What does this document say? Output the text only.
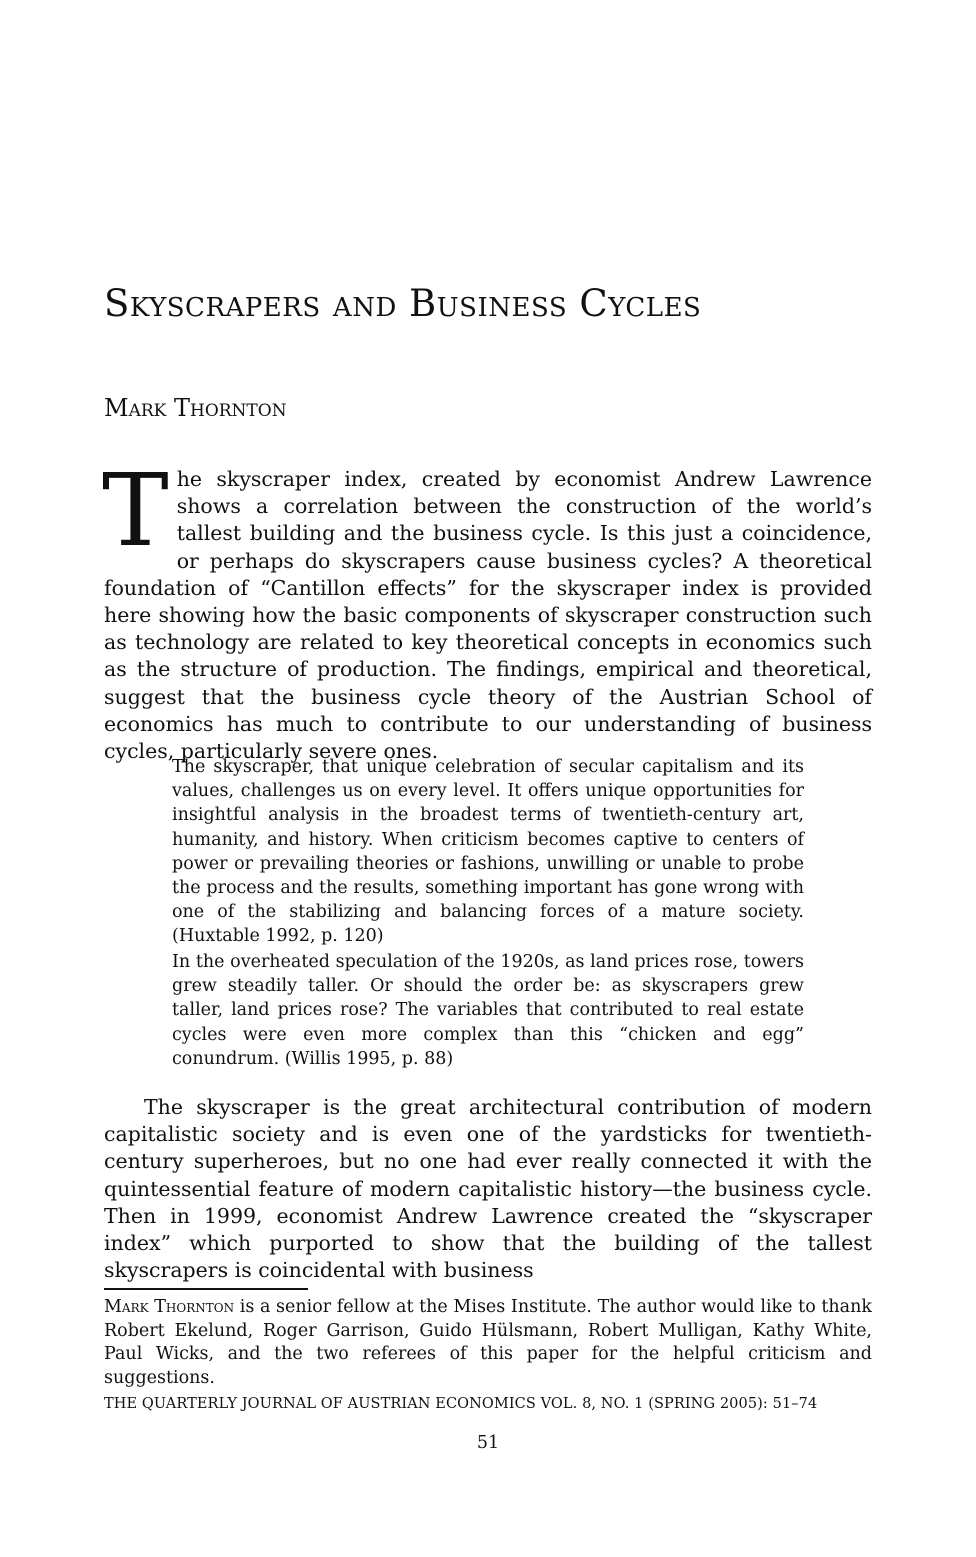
Skyscrapers and Business Cycles
Mark Thornton

The skyscraper index, created by economist Andrew Lawrence shows a correlation between the construction of the world’s tallest building and the business cycle. Is this just a coincidence, or perhaps do skyscrapers cause business cycles? A theoretical foundation of “Cantillon effects” for the skyscraper index is provided here showing how the basic components of skyscraper construction such as technology are related to key theoretical concepts in economics such as the structure of production. The findings, empirical and theoretical, suggest that the business cycle theory of the Austrian School of economics has much to contribute to our understanding of business cycles, particularly severe ones.

The skyscraper, that unique celebration of secular capitalism and its values, challenges us on every level. It offers unique opportunities for insightful analysis in the broadest terms of twentieth-century art, humanity, and history. When criticism becomes captive to centers of power or prevailing theories or fashions, unwilling or unable to probe the process and the results, something important has gone wrong with one of the stabilizing and balancing forces of a mature society. (Huxtable 1992, p. 120)

In the overheated speculation of the 1920s, as land prices rose, towers grew steadily taller. Or should the order be: as skyscrapers grew taller, land prices rose? The variables that contributed to real estate cycles were even more complex than this “chicken and egg” conundrum. (Willis 1995, p. 88)

The skyscraper is the great architectural contribution of modern capitalistic society and is even one of the yardsticks for twentieth-century superheroes, but no one had ever really connected it with the quintessential feature of modern capitalistic history—the business cycle. Then in 1999, economist Andrew Lawrence created the “skyscraper index” which purported to show that the building of the tallest skyscrapers is coincidental with business

Mark Thornton is a senior fellow at the Mises Institute. The author would like to thank Robert Ekelund, Roger Garrison, Guido Hülsmann, Robert Mulligan, Kathy White, Paul Wicks, and the two referees of this paper for the helpful criticism and suggestions.

THE QUARTERLY JOURNAL OF AUSTRIAN ECONOMICS VOL. 8, NO. 1 (SPRING 2005): 51–74

51
